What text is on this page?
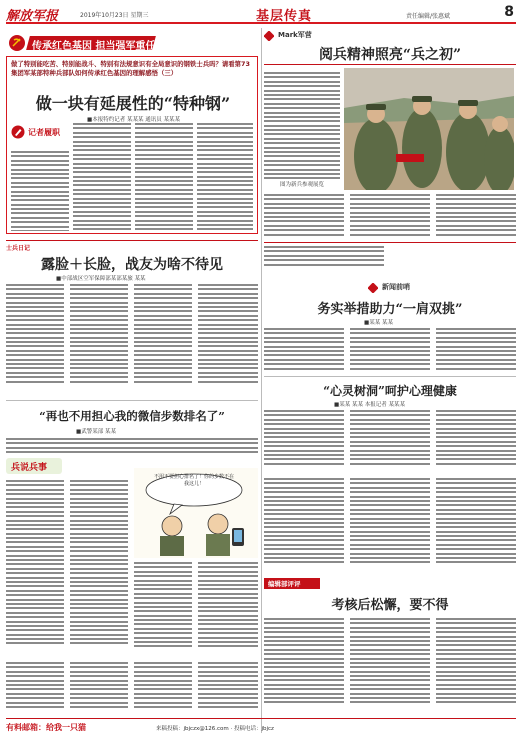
解放军报	2019年10月23日 星期三	基层传真	责任编辑/张惠斌	8
传承红色基因 担当强军重任
做了特别能吃苦、特别能战斗、特别有法规意识有全局意识的钢铁士兵吗？请看第73集团军某部特种兵部队如何传承红色基因的理解感悟（三）
做一块有延展性的“特种钢”
■本报特约记者 某某某 通讯员 某某某
记者履职
Mark军营
阅兵精神照亮“兵之初”
图为新兵参观展览
士兵日记
露脸＋长脸，战友为啥不待见
■中部战区空军保障部某部某旅 某某
“再也不用担心我的微信步数排名了”
■武警某部 某某
兵说兵事
不用不要担心排名了！你的步数不在我这儿！
有料邮箱：给我一只猫	来稿投稿：jbjczx@126.com · 投稿电话：jbjcz
新闻前哨
务实举措助力“一肩双挑”
■某某 某某
“心灵树洞”呵护心理健康
■某某 某某 本报记者 某某某
编辑部评评
考核后松懈，要不得
